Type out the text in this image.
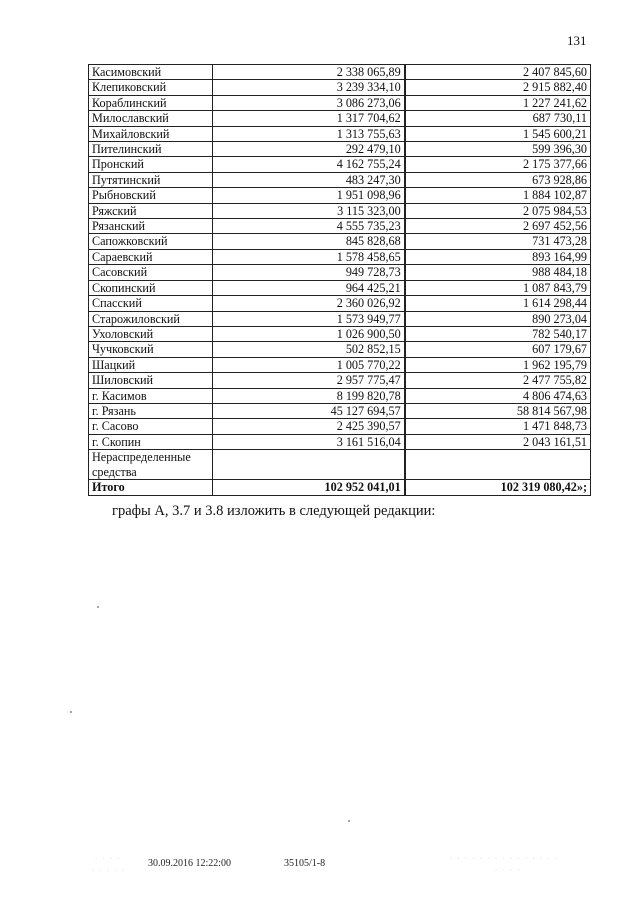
131
Касимовский	2 338 065,89	2 407 845,60
Клепиковский	3 239 334,10	2 915 882,40
Кораблинский	3 086 273,06	1 227 241,62
Милославский	1 317 704,62	687 730,11
Михайловский	1 313 755,63	1 545 600,21
Пителинский	292 479,10	599 396,30
Пронский	4 162 755,24	2 175 377,66
Путятинский	483 247,30	673 928,86
Рыбновский	1 951 098,96	1 884 102,87
Ряжский	3 115 323,00	2 075 984,53
Рязанский	4 555 735,23	2 697 452,56
Сапожковский	845 828,68	731 473,28
Сараевский	1 578 458,65	893 164,99
Сасовский	949 728,73	988 484,18
Скопинский	964 425,21	1 087 843,79
Спасский	2 360 026,92	1 614 298,44
Старожиловский	1 573 949,77	890 273,04
Ухоловский	1 026 900,50	782 540,17
Чучковский	502 852,15	607 179,67
Шацкий	1 005 770,22	1 962 195,79
Шиловский	2 957 775,47	2 477 755,82
г. Касимов	8 199 820,78	4 806 474,63
г. Рязань	45 127 694,57	58 814 567,98
г. Сасово	2 425 390,57	1 471 848,73
г. Скопин	3 161 516,04	2 043 161,51
Нераспределенные средства		
Итого	102 952 041,01	102 319 080,42»;
графы А, 3.7 и 3.8 изложить в следующей редакции:
· · · ·
· · · · ·
· · · · · · · · · · · · · · ·
· · · ·
30.09.2016 12:22:00	35105/1-8
